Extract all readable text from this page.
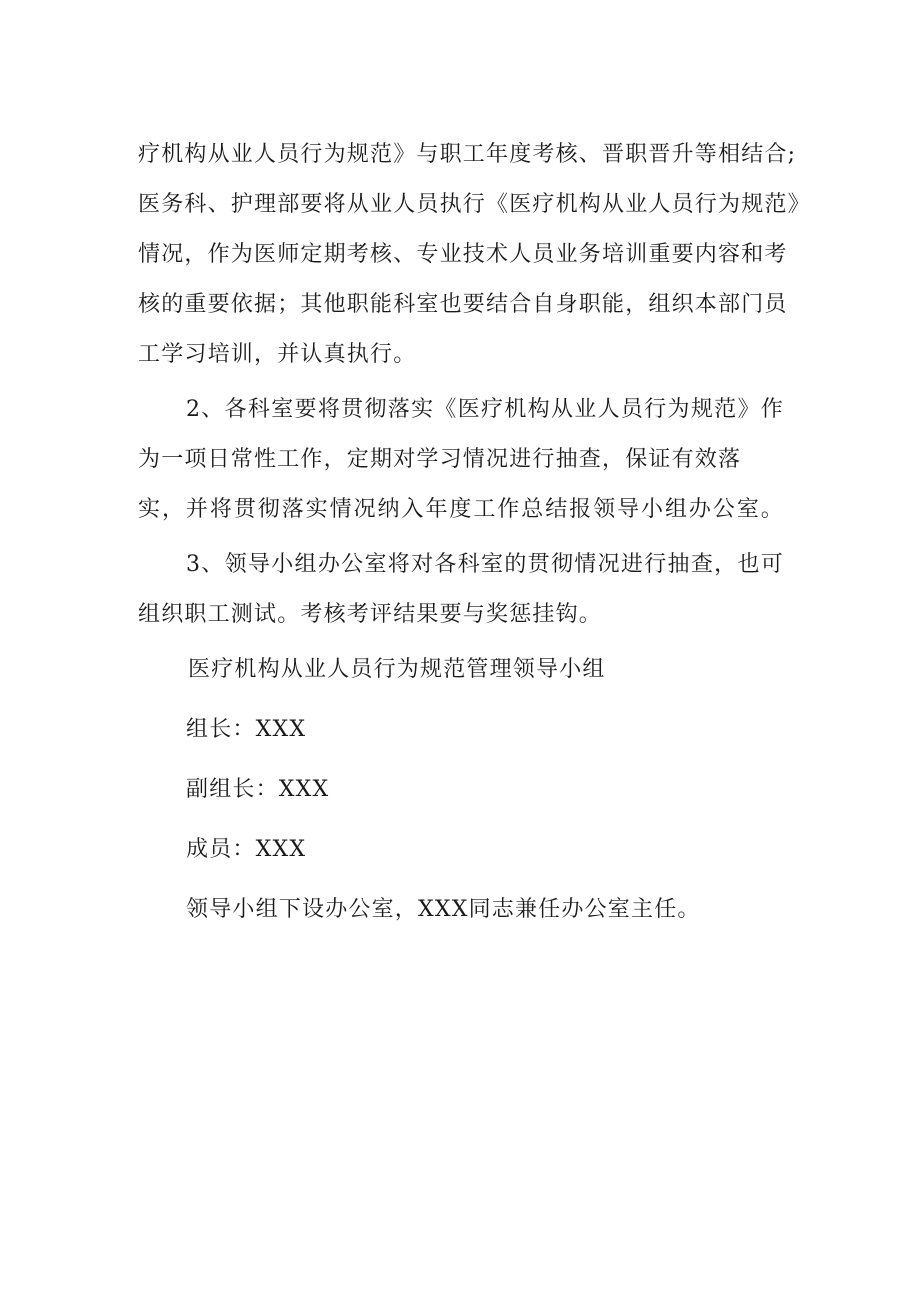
疗机构从业人员行为规范》与职工年度考核、晋职晋升等相结合;
医务科、护理部要将从业人员执行《医疗机构从业人员行为规范》
情况，作为医师定期考核、专业技术人员业务培训重要内容和考
核的重要依据；其他职能科室也要结合自身职能，组织本部门员
工学习培训，并认真执行。
2、各科室要将贯彻落实《医疗机构从业人员行为规范》作
为一项日常性工作，定期对学习情况进行抽查，保证有效落
实，并将贯彻落实情况纳入年度工作总结报领导小组办公室。
3、领导小组办公室将对各科室的贯彻情况进行抽查，也可
组织职工测试。考核考评结果要与奖惩挂钩。
医疗机构从业人员行为规范管理领导小组
组长：XXX
副组长：XXX
成员：XXX
领导小组下设办公室，XXX同志兼任办公室主任。
